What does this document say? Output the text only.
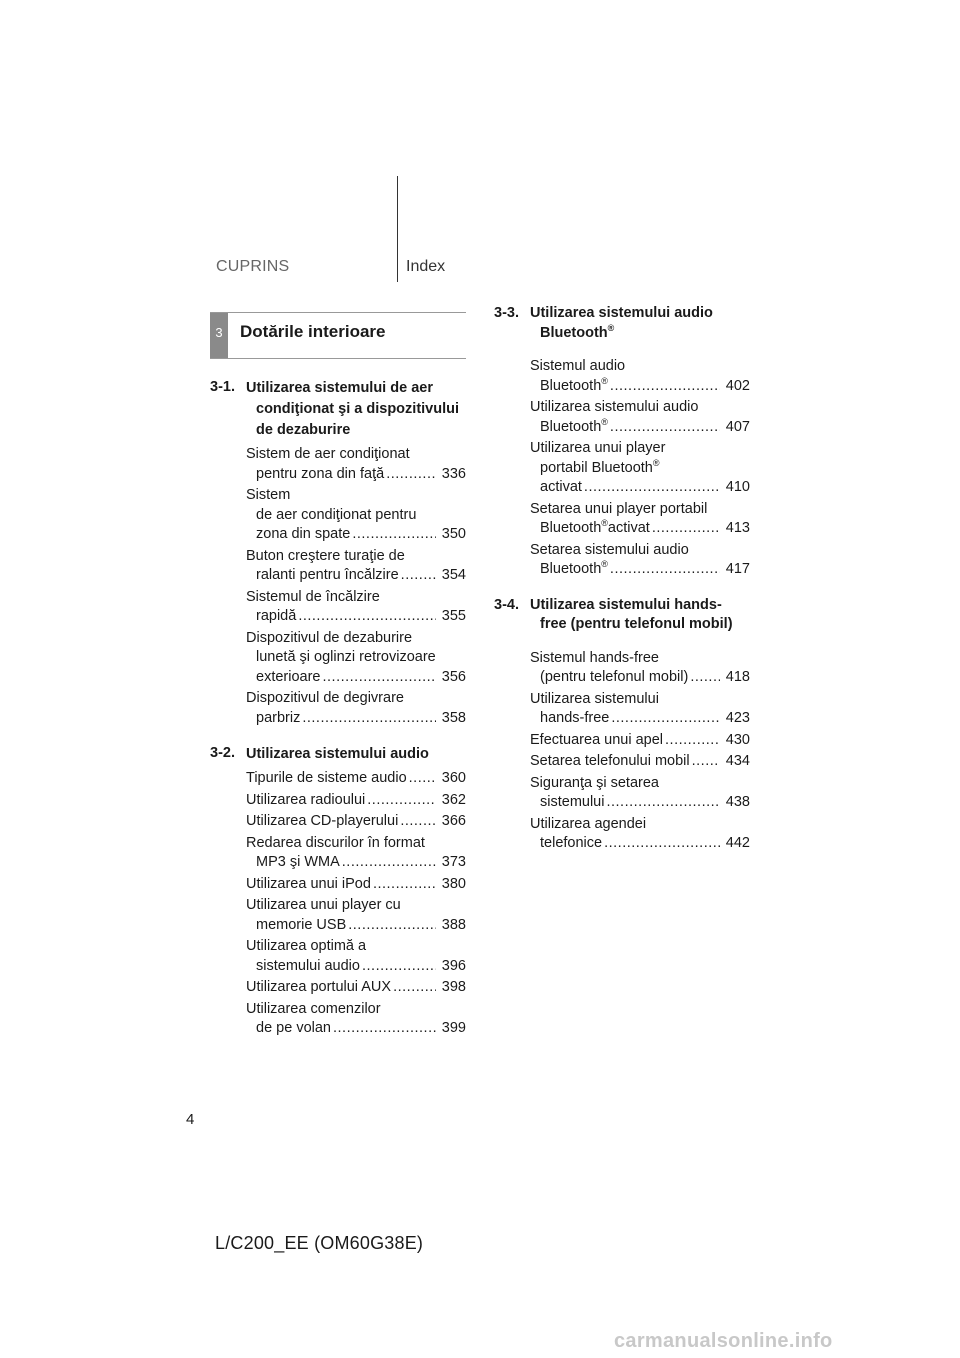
CUPRINS	Index
3	Dotările interioare
3-1. Utilizarea sistemului de aer
condiţionat şi a dispozitivului
de dezaburire
Sistem de aer condiţionat
pentru zona din faţă .....	336
Sistem
de aer condiţionat pentru
zona din spate .....	350
Buton creştere turaţie de
ralanti pentru încălzire .....	354
Sistemul de încălzire
rapidă .....	355
Dispozitivul de dezaburire
lunetă şi oglinzi retrovizoare
exterioare .....	356
Dispozitivul de degivrare
parbriz .....	358
3-2. Utilizarea sistemului audio
Tipurile de sisteme audio ..... 360
Utilizarea radioului .....	362
Utilizarea CD-playerului .....	366
Redarea discurilor în format
MP3 şi WMA .....	373
Utilizarea unui iPod .....	380
Utilizarea unui player cu
memorie USB .....	388
Utilizarea optimă a
sistemului audio .....	396
Utilizarea portului AUX .....	398
Utilizarea comenzilor
de pe volan .....	399
3-3. Utilizarea sistemului audio
Bluetooth®
Sistemul audio
Bluetooth® .....	402
Utilizarea sistemului audio
Bluetooth® .....	407
Utilizarea unui player
portabil Bluetooth®
activat .....	410
Setarea unui player portabil
Bluetooth®activat .....	413
Setarea sistemului audio
Bluetooth® .....	417
3-4. Utilizarea sistemului hands-
free (pentru telefonul mobil)
Sistemul hands-free
(pentru telefonul mobil) .....	418
Utilizarea sistemului
hands-free .....	423
Efectuarea unui apel .....	430
Setarea telefonului mobil ..... 434
Siguranţa şi setarea
sistemului .....	438
Utilizarea agendei
telefonice .....	442
4
L/C200_EE (OM60G38E)
carmanualsonline.info
